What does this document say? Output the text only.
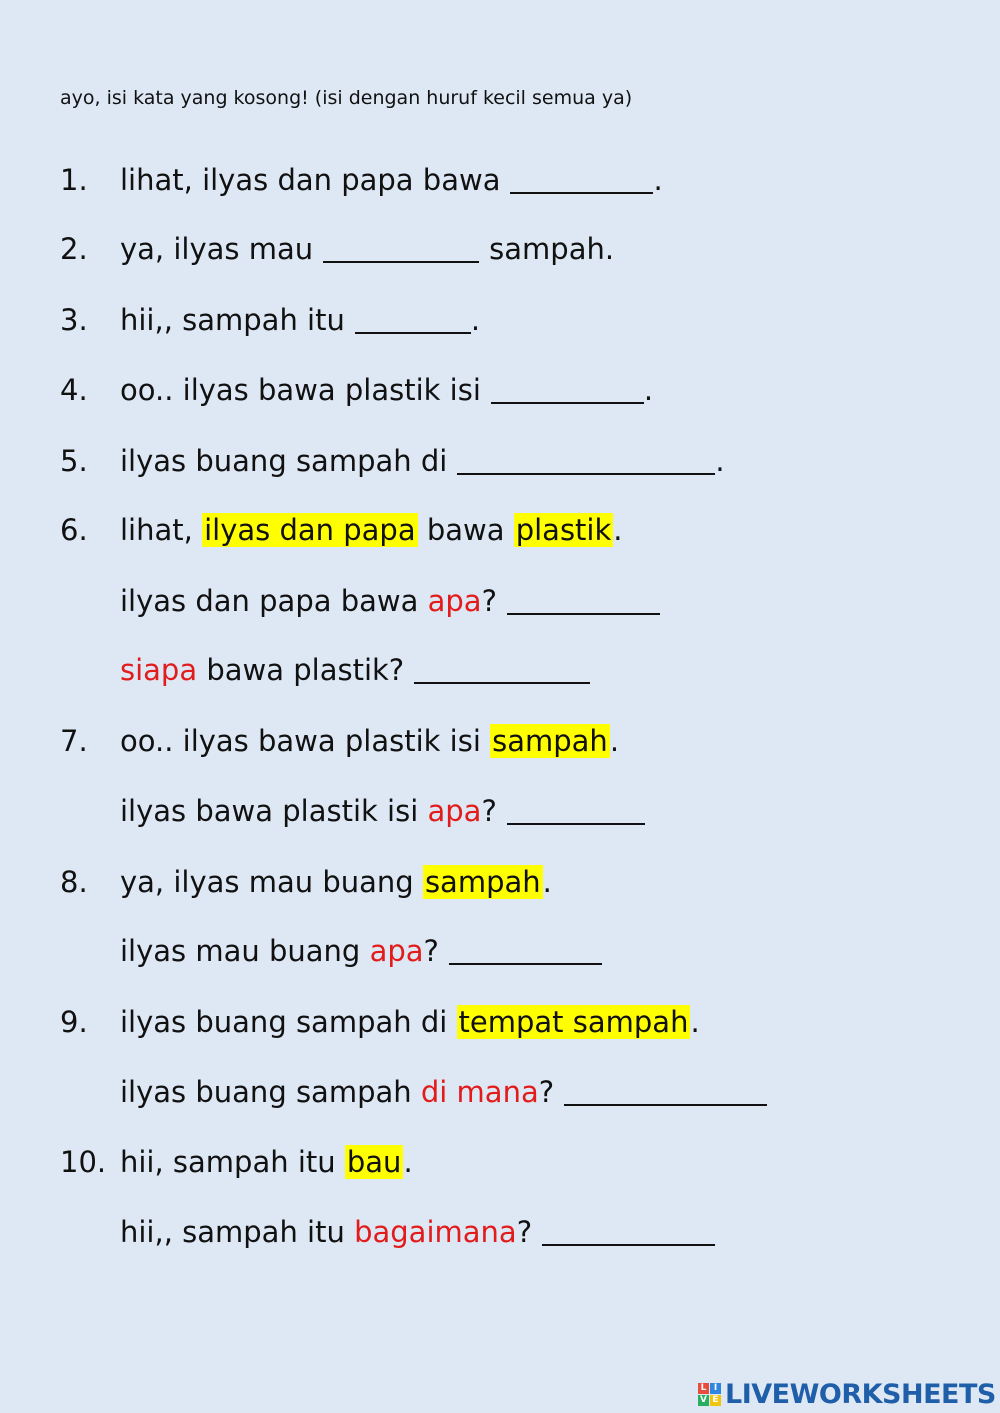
ayo, isi kata yang kosong! (isi dengan huruf kecil semua ya)

1. lihat, ilyas dan papa bawa	.
2. ya, ilyas mau	sampah.
3. hii,, sampah itu	.
4. oo.. ilyas bawa plastik isi	.
5. ilyas buang sampah di	.
6. lihat, ilyas dan papa bawa plastik.
ilyas dan papa bawa apa?
siapa bawa plastik?
7. oo.. ilyas bawa plastik isi sampah.
ilyas bawa plastik isi apa?
8. ya, ilyas mau buang sampah.
ilyas mau buang apa?
9. ilyas buang sampah di tempat sampah.
ilyas buang sampah di mana?
10. hii, sampah itu bau.
hii,, sampah itu bagaimana?
L I
V E LIVEWORKSHEETS
